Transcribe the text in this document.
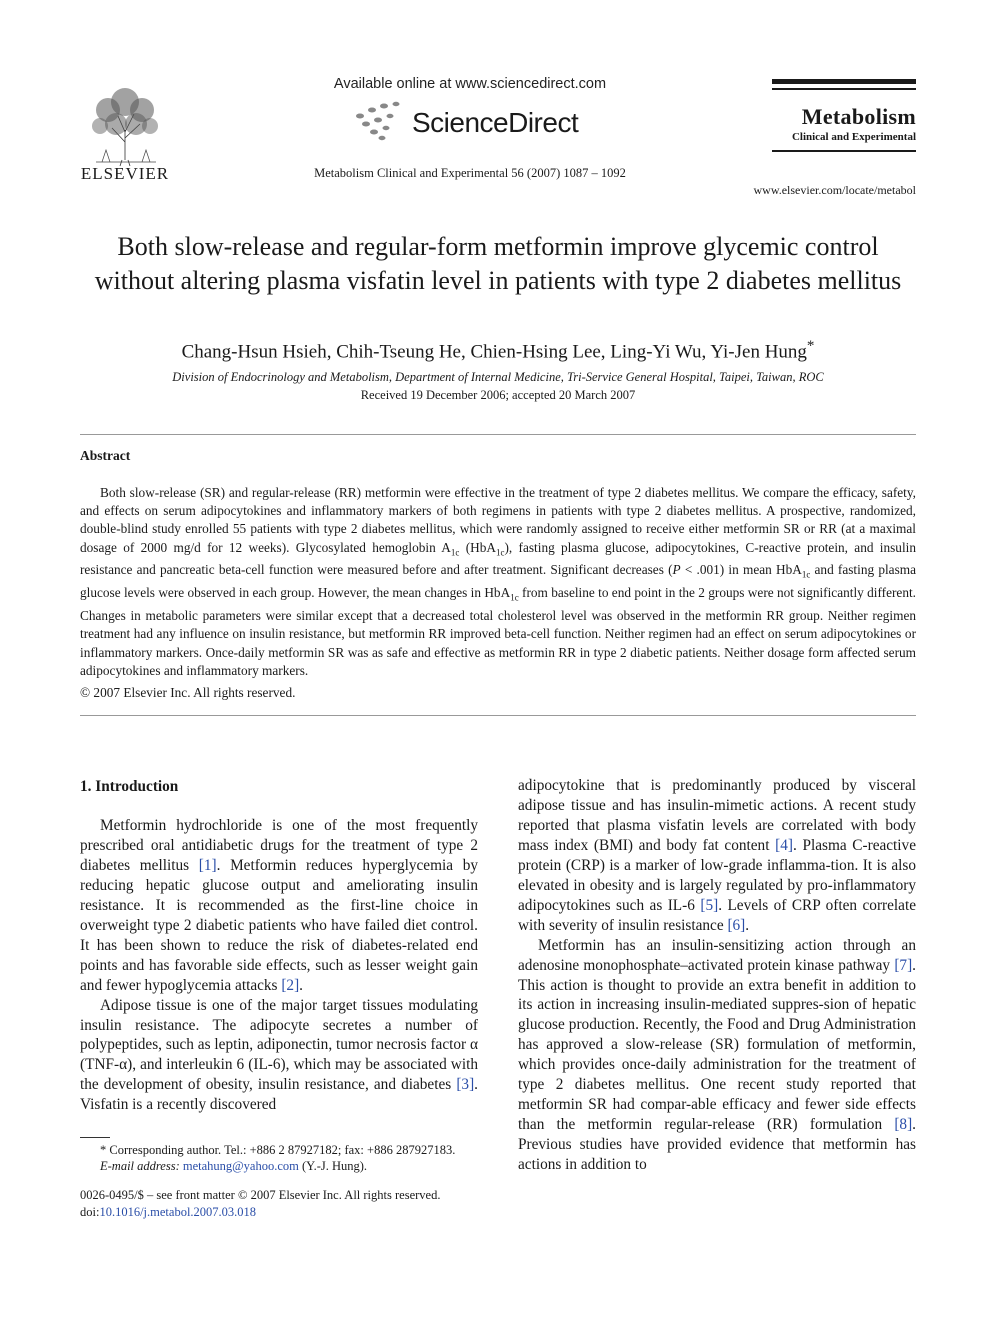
ELSEVIER
Available online at www.sciencedirect.com
ScienceDirect
Metabolism Clinical and Experimental 56 (2007) 1087 – 1092
Metabolism
Clinical and Experimental
www.elsevier.com/locate/metabol
Both slow-release and regular-form metformin improve glycemic control without altering plasma visfatin level in patients with type 2 diabetes mellitus
Chang-Hsun Hsieh, Chih-Tseung He, Chien-Hsing Lee, Ling-Yi Wu, Yi-Jen Hung*
Division of Endocrinology and Metabolism, Department of Internal Medicine, Tri-Service General Hospital, Taipei, Taiwan, ROC
Received 19 December 2006; accepted 20 March 2007
Abstract
Both slow-release (SR) and regular-release (RR) metformin were effective in the treatment of type 2 diabetes mellitus. We compare the efficacy, safety, and effects on serum adipocytokines and inflammatory markers of both regimens in patients with type 2 diabetes mellitus. A prospective, randomized, double-blind study enrolled 55 patients with type 2 diabetes mellitus, which were randomly assigned to receive either metformin SR or RR (at a maximal dosage of 2000 mg/d for 12 weeks). Glycosylated hemoglobin $A_{1c}$ (HbA$_{1c}$), fasting plasma glucose, adipocytokines, C-reactive protein, and insulin resistance and pancreatic beta-cell function were measured before and after treatment. Significant decreases (P < .001) in mean HbA$_{1c}$ and fasting plasma glucose levels were observed in each group. However, the mean changes in HbA$_{1c}$ from baseline to end point in the 2 groups were not significantly different. Changes in metabolic parameters were similar except that a decreased total cholesterol level was observed in the metformin RR group. Neither regimen treatment had any influence on insulin resistance, but metformin RR improved beta-cell function. Neither regimen had an effect on serum adipocytokines or inflammatory markers. Once-daily metformin SR was as safe and effective as metformin RR in type 2 diabetic patients. Neither dosage form affected serum adipocytokines and inflammatory markers.
© 2007 Elsevier Inc. All rights reserved.
1. Introduction

Metformin hydrochloride is one of the most frequently prescribed oral antidiabetic drugs for the treatment of type 2 diabetes mellitus [1]. Metformin reduces hyperglycemia by reducing hepatic glucose output and ameliorating insulin resistance. It is recommended as the first-line choice in overweight type 2 diabetic patients who have failed diet control. It has been shown to reduce the risk of diabetes-related end points and has favorable side effects, such as lesser weight gain and fewer hypoglycemia attacks [2].

Adipose tissue is one of the major target tissues modulating insulin resistance. The adipocyte secretes a number of polypeptides, such as leptin, adiponectin, tumor necrosis factor α (TNF-α), and interleukin 6 (IL-6), which may be associated with the development of obesity, insulin resistance, and diabetes [3]. Visfatin is a recently discovered

adipocytokine that is predominantly produced by visceral adipose tissue and has insulin-mimetic actions. A recent study reported that plasma visfatin levels are correlated with body mass index (BMI) and body fat content [4]. Plasma C-reactive protein (CRP) is a marker of low-grade inflamma-tion. It is also elevated in obesity and is largely regulated by pro-inflammatory adipocytokines such as IL-6 [5]. Levels of CRP often correlate with severity of insulin resistance [6].

Metformin has an insulin-sensitizing action through an adenosine monophosphate–activated protein kinase pathway [7]. This action is thought to provide an extra benefit in addition to its action in increasing insulin-mediated suppres-sion of hepatic glucose production. Recently, the Food and Drug Administration has approved a slow-release (SR) formulation of metformin, which provides once-daily administration for the treatment of type 2 diabetes mellitus. One recent study reported that metformin SR had compar-able efficacy and fewer side effects than the metformin regular-release (RR) formulation [8]. Previous studies have provided evidence that metformin has actions in addition to

* Corresponding author. Tel.: +886 2 87927182; fax: +886 287927183.
E-mail address: metahung@yahoo.com (Y.-J. Hung).
0026-0495/$ – see front matter © 2007 Elsevier Inc. All rights reserved.
doi:10.1016/j.metabol.2007.03.018
